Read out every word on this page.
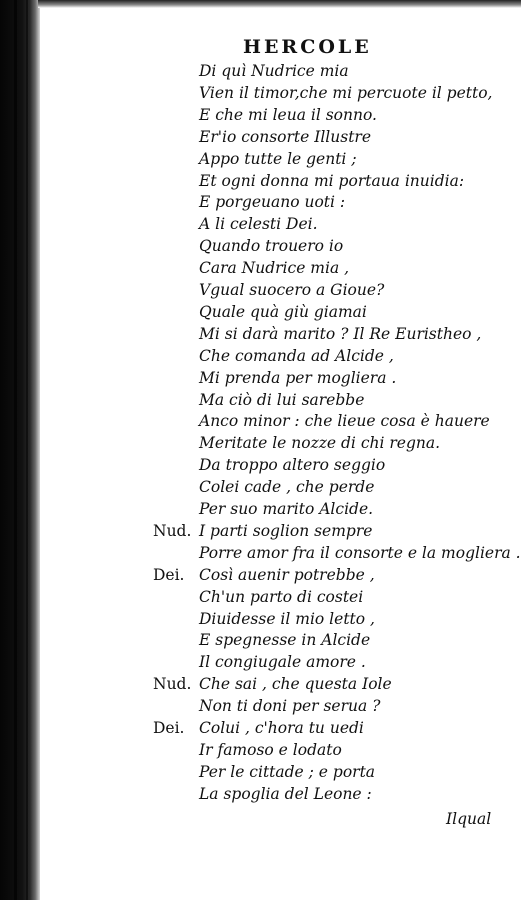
HERCOLE
Di quì Nudrice mia
Vien il timor,che mi percuote il petto,
E che mi leua il sonno.
Er'io consorte Illustre
Appo tutte le genti ;
Et ogni donna mi portaua inuidia:
E porgeuano uoti :
A li celesti Dei.
Quando trouero io
Cara Nudrice mia ,
Vgual suocero a Gioue?
Quale quà giù giamai
Mi si darà marito ? Il Re Euristheo ,
Che comanda ad Alcide ,
Mi prenda per mogliera .
Ma ciò di lui sarebbe
Anco minor : che lieue cosa è hauere
Meritate le nozze di chi regna.
Da troppo altero seggio
Colei cade , che perde
Per suo marito Alcide.
Nud. I parti soglion sempre
Porre amor fra il consorte e la mogliera .
Dei. Così auenir potrebbe ,
Ch'un parto di costei
Diuidesse il mio letto ,
E spegnesse in Alcide
Il congiugale amore .
Nud. Che sai , che questa Iole
Non ti doni per serua ?
Dei. Colui , c'hora tu uedi
Ir famoso e lodato
Per le cittade ; e porta
La spoglia del Leone :
Ilqual
